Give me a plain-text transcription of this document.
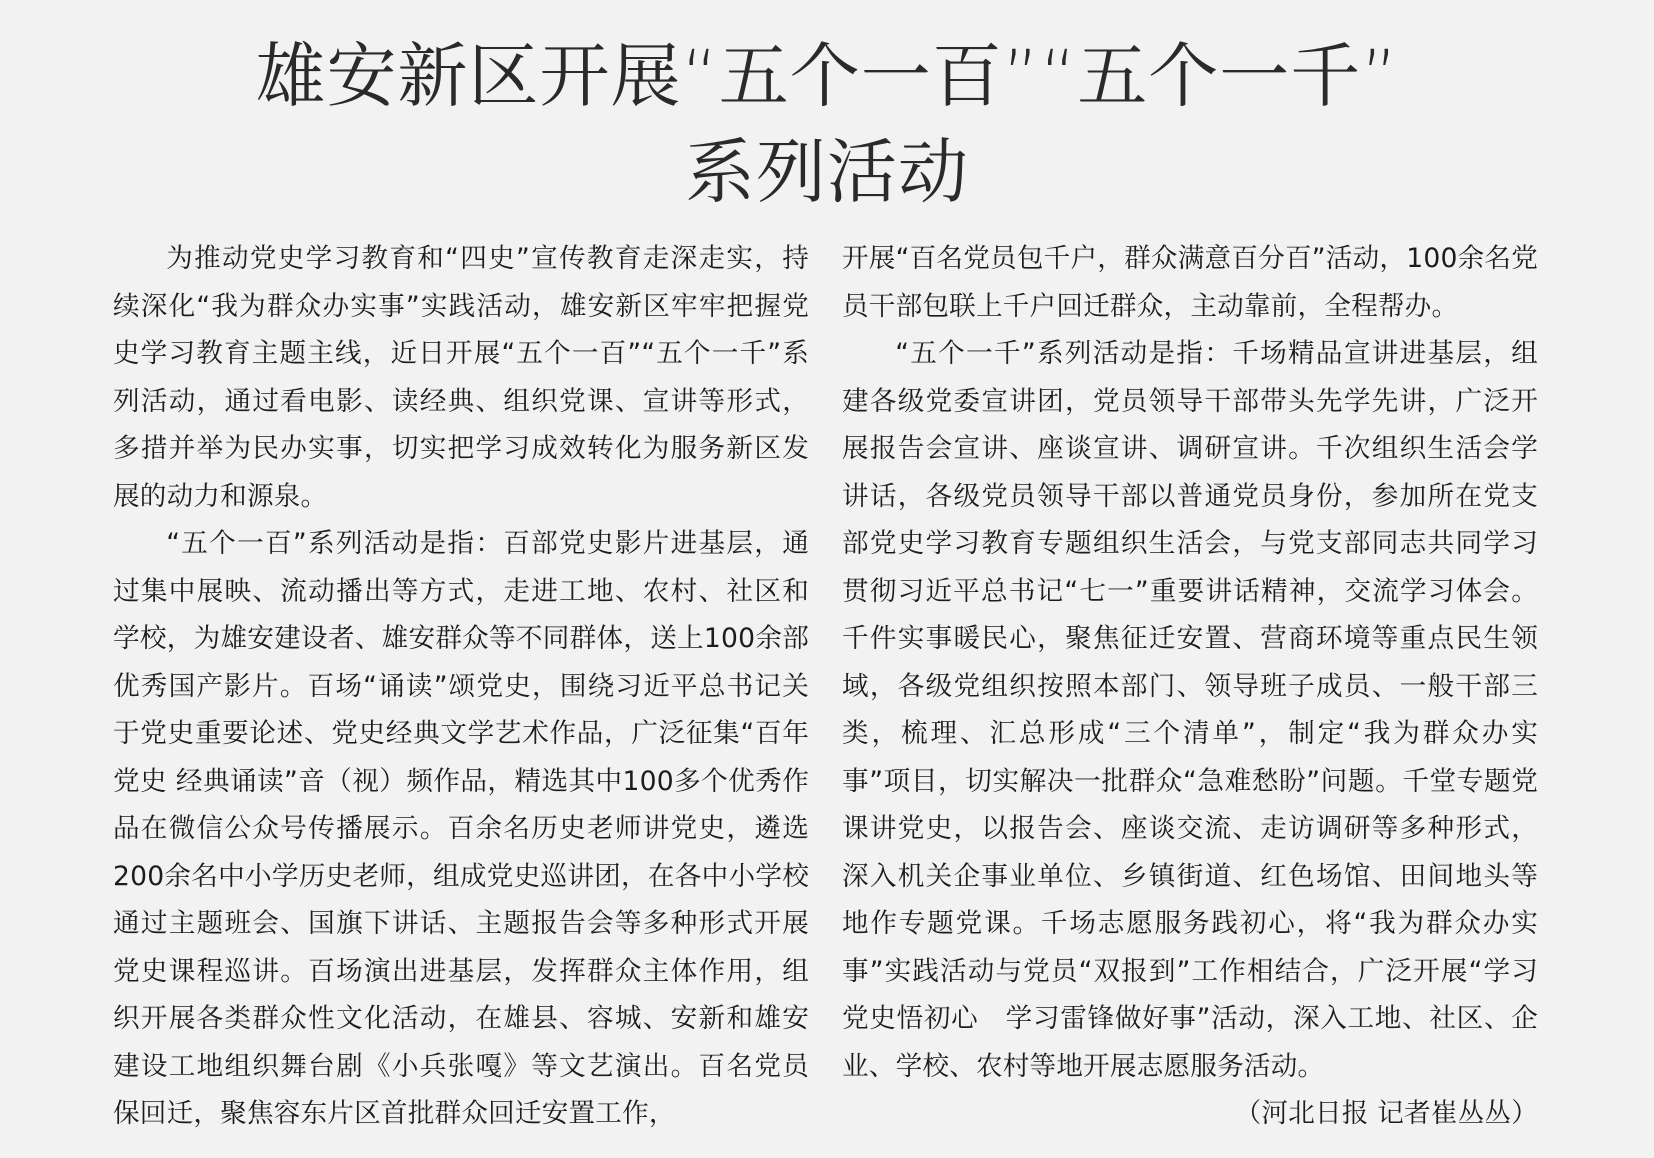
雄安新区开展“五个一百”“五个一千”
系列活动

为推动党史学习教育和“四史”宣传教育走深走实，持续深化“我为群众办实事”实践活动，雄安新区牢牢把握党史学习教育主题主线，近日开展“五个一百”“五个一千”系列活动，通过看电影、读经典、组织党课、宣讲等形式，多措并举为民办实事，切实把学习成效转化为服务新区发展的动力和源泉。

“五个一百”系列活动是指：百部党史影片进基层，通过集中展映、流动播出等方式，走进工地、农村、社区和学校，为雄安建设者、雄安群众等不同群体，送上100余部优秀国产影片。百场“诵读”颂党史，围绕习近平总书记关于党史重要论述、党史经典文学艺术作品，广泛征集“百年党史 经典诵读”音（视）频作品，精选其中100多个优秀作品在微信公众号传播展示。百余名历史老师讲党史，遴选200余名中小学历史老师，组成党史巡讲团，在各中小学校通过主题班会、国旗下讲话、主题报告会等多种形式开展党史课程巡讲。百场演出进基层，发挥群众主体作用，组织开展各类群众性文化活动，在雄县、容城、安新和雄安建设工地组织舞台剧《小兵张嘎》等文艺演出。百名党员保回迁，聚焦容东片区首批群众回迁安置工作，

开展“百名党员包千户，群众满意百分百”活动，100余名党员干部包联上千户回迁群众，主动靠前，全程帮办。

“五个一千”系列活动是指：千场精品宣讲进基层，组建各级党委宣讲团，党员领导干部带头先学先讲，广泛开展报告会宣讲、座谈宣讲、调研宣讲。千次组织生活会学讲话，各级党员领导干部以普通党员身份，参加所在党支部党史学习教育专题组织生活会，与党支部同志共同学习贯彻习近平总书记“七一”重要讲话精神，交流学习体会。千件实事暖民心，聚焦征迁安置、营商环境等重点民生领域，各级党组织按照本部门、领导班子成员、一般干部三类，梳理、汇总形成“三个清单”，制定“我为群众办实事”项目，切实解决一批群众“急难愁盼”问题。千堂专题党课讲党史，以报告会、座谈交流、走访调研等多种形式，深入机关企事业单位、乡镇街道、红色场馆、田间地头等地作专题党课。千场志愿服务践初心，将“我为群众办实事”实践活动与党员“双报到”工作相结合，广泛开展“学习党史悟初心　学习雷锋做好事”活动，深入工地、社区、企业、学校、农村等地开展志愿服务活动。

（河北日报 记者崔丛丛）
